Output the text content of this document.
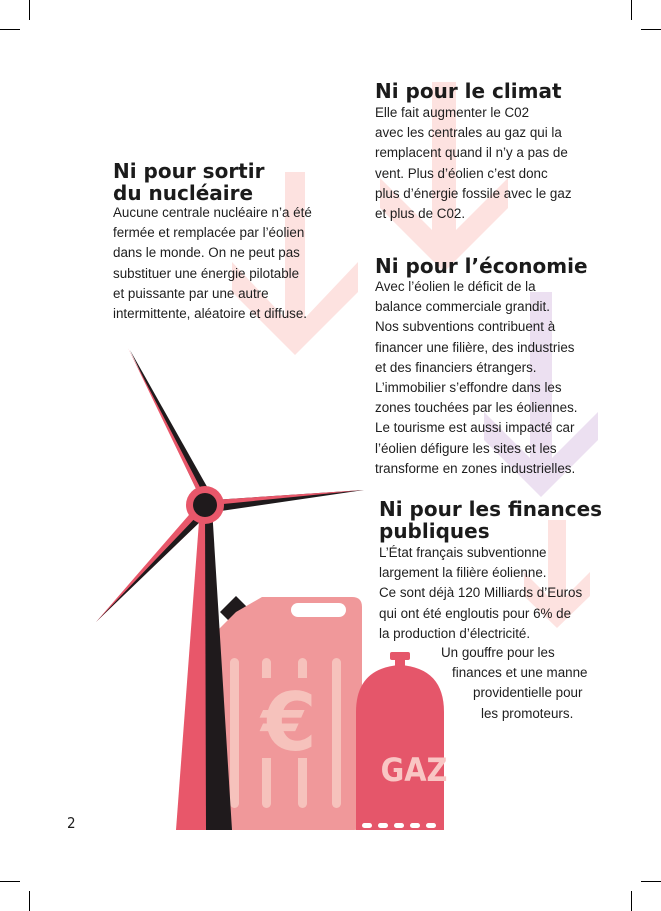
Ni pour sortir
du nucléaire
Aucune centrale nucléaire n’a été
fermée et remplacée par l’éolien
dans le monde. On ne peut pas
substituer une énergie pilotable
et puissante par une autre
intermittente, aléatoire et diffuse.
Ni pour le climat
Elle fait augmenter le C02
avec les centrales au gaz qui la
remplacent quand il n’y a pas de
vent. Plus d’éolien c’est donc
plus d’énergie fossile avec le gaz
et plus de C02.
Ni pour l’économie
Avec l’éolien le déficit de la
balance commerciale grandit.
Nos subventions contribuent à
financer une filière, des industries
et des financiers étrangers.
L’immobilier s’effondre dans les
zones touchées par les éoliennes.
Le tourisme est aussi impacté car
l’éolien défigure les sites et les
transforme en zones industrielles.
Ni pour les finances
publiques
L’État français subventionne
largement la filière éolienne.
Ce sont déjà 120 Milliards d’Euros
qui ont été engloutis pour 6% de
la production d’électricité.
Un gouffre pour les
finances et une manne
providentielle pour
les promoteurs.
€
GAZ
2
